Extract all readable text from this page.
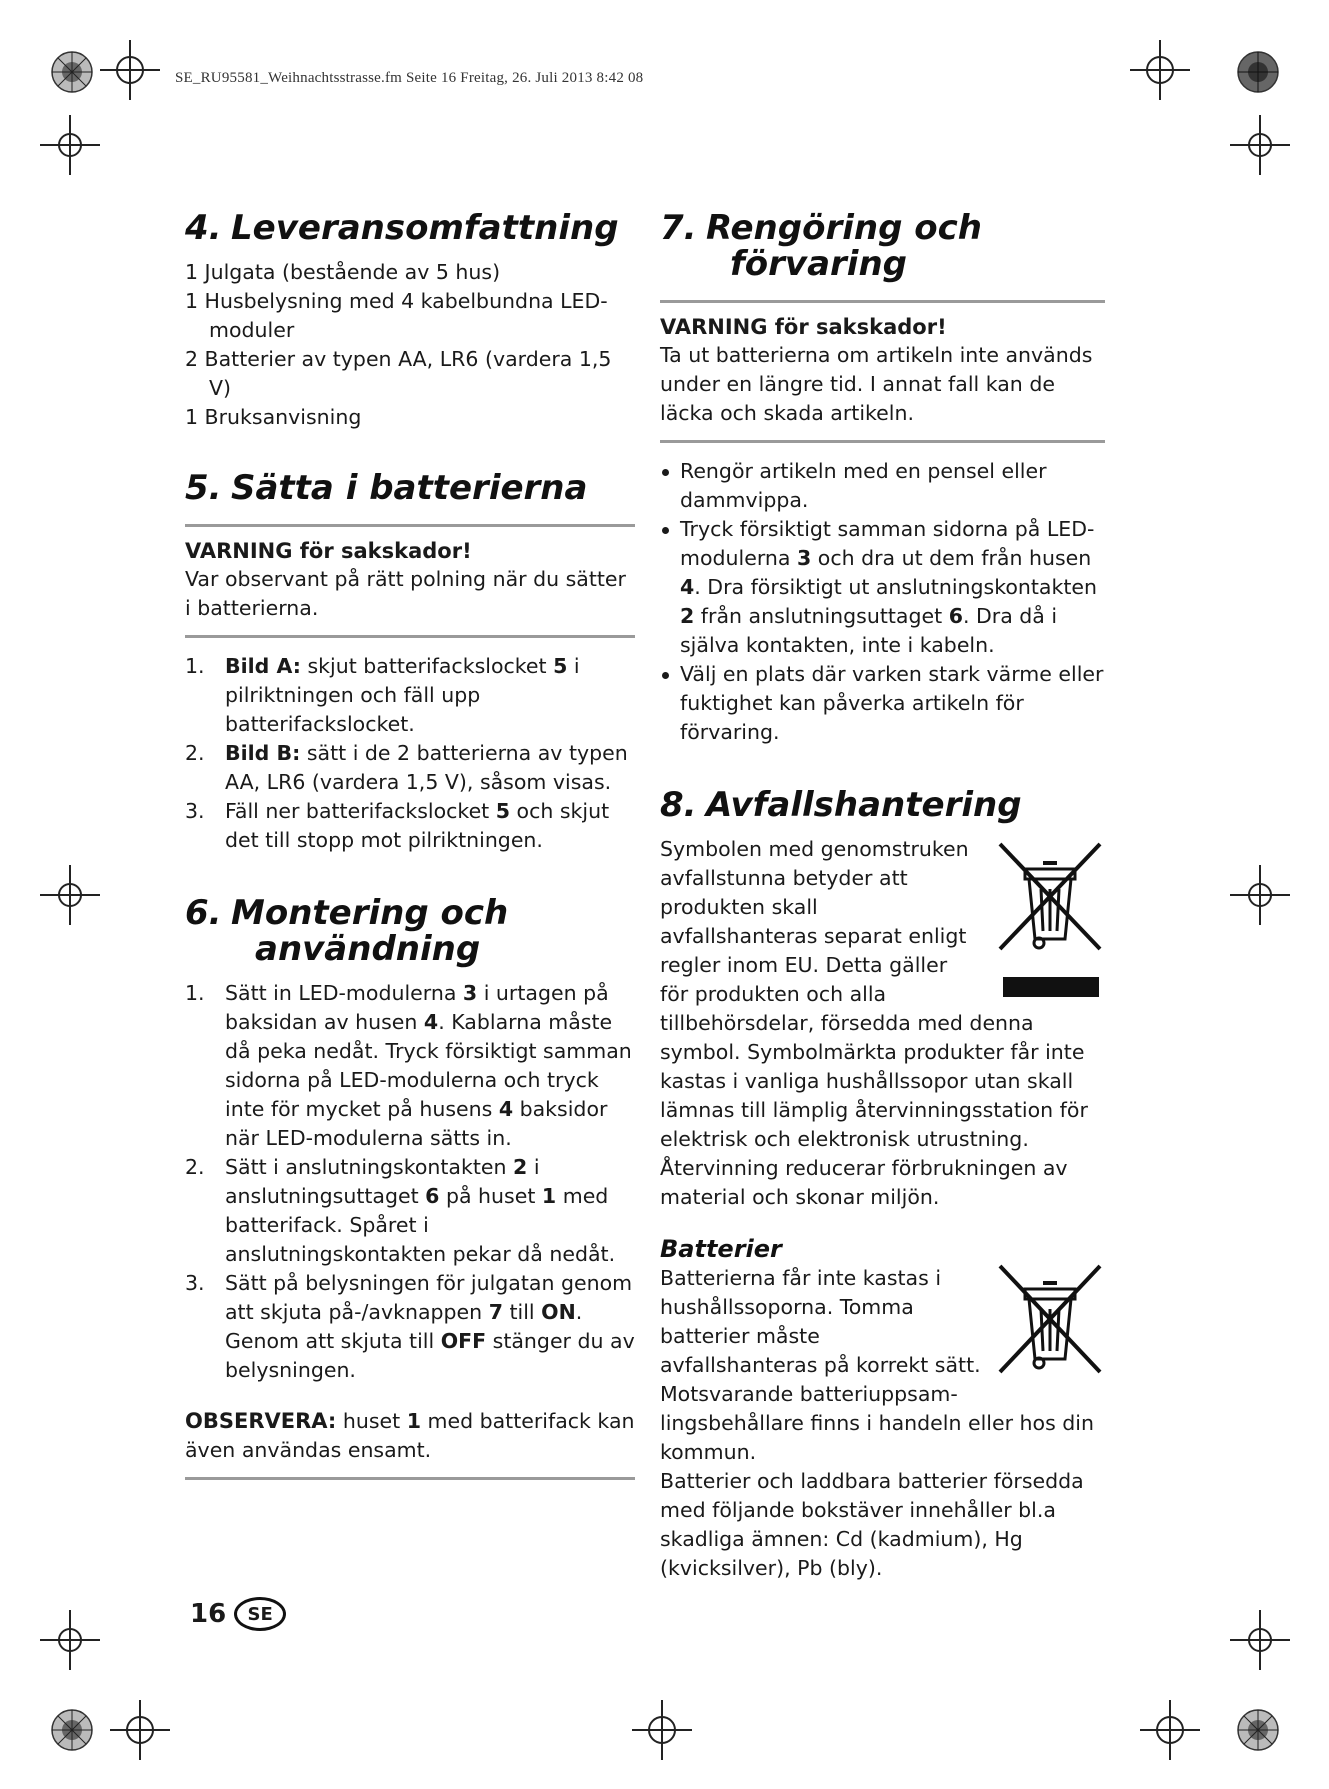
SE_RU95581_Weihnachtsstrasse.fm Seite 16 Freitag, 26. Juli 2013 8:42 08
4. Leveransomfattning
1 Julgata (bestående av 5 hus)
1 Husbelysning med 4 kabelbundna LED-moduler
2 Batterier av typen AA, LR6 (vardera 1,5 V)
1 Bruksanvisning
5. Sätta i batterierna
VARNING för sakskador!

Var observant på rätt polning när du sätter i batterierna.

1. Bild A: skjut batterifackslocket 5 i pilriktningen och fäll upp batterifackslocket.
2. Bild B: sätt i de 2 batterierna av typen AA, LR6 (vardera 1,5 V), såsom visas.
3. Fäll ner batterifackslocket 5 och skjut det till stopp mot pilriktningen.
6. Montering och
användning
1. Sätt in LED-modulerna 3 i urtagen på baksidan av husen 4. Kablarna måste då peka nedåt. Tryck försiktigt samman sidorna på LED-modulerna och tryck inte för mycket på husens 4 baksidor när LED-modulerna sätts in.
2. Sätt i anslutningskontakten 2 i anslutningsuttaget 6 på huset 1 med batterifack. Spåret i anslutningskontakten pekar då nedåt.
3. Sätt på belysningen för julgatan genom att skjuta på-/avknappen 7 till ON. Genom att skjuta till OFF stänger du av belysningen.

OBSERVERA: huset 1 med batterifack kan även användas ensamt.

7. Rengöring och
förvaring
VARNING för sakskador!

Ta ut batterierna om artikeln inte används under en längre tid. I annat fall kan de läcka och skada artikeln.

Rengör artikeln med en pensel eller dammvippa.
Tryck försiktigt samman sidorna på LED-modulerna 3 och dra ut dem från husen 4. Dra försiktigt ut anslutningskontakten 2 från anslutningsuttaget 6. Dra då i själva kontakten, inte i kabeln.
Välj en plats där varken stark värme eller fuktighet kan påverka artikeln för förvaring.
8. Avfallshantering

Symbolen med genomstruken avfallstunna betyder att produkten skall avfallshanteras separat enligt regler inom EU. Detta gäller för produkten och alla tillbehörsdelar, försedda med denna symbol. Symbolmärkta produkter får inte kastas i vanliga hushållssopor utan skall lämnas till lämplig återvinningsstation för elektrisk och elektronisk utrustning. Återvinning reducerar förbrukningen av material och skonar miljön.

Batterier

Batterierna får inte kastas i hushållssoporna. Tomma batterier måste avfallshanteras på korrekt sätt. Motsvarande batteriuppsam-lingsbehållare finns i handeln eller hos din kommun.

Batterier och laddbara batterier försedda med följande bokstäver innehåller bl.a skadliga ämnen: Cd (kadmium), Hg (kvicksilver), Pb (bly).

16	SE
